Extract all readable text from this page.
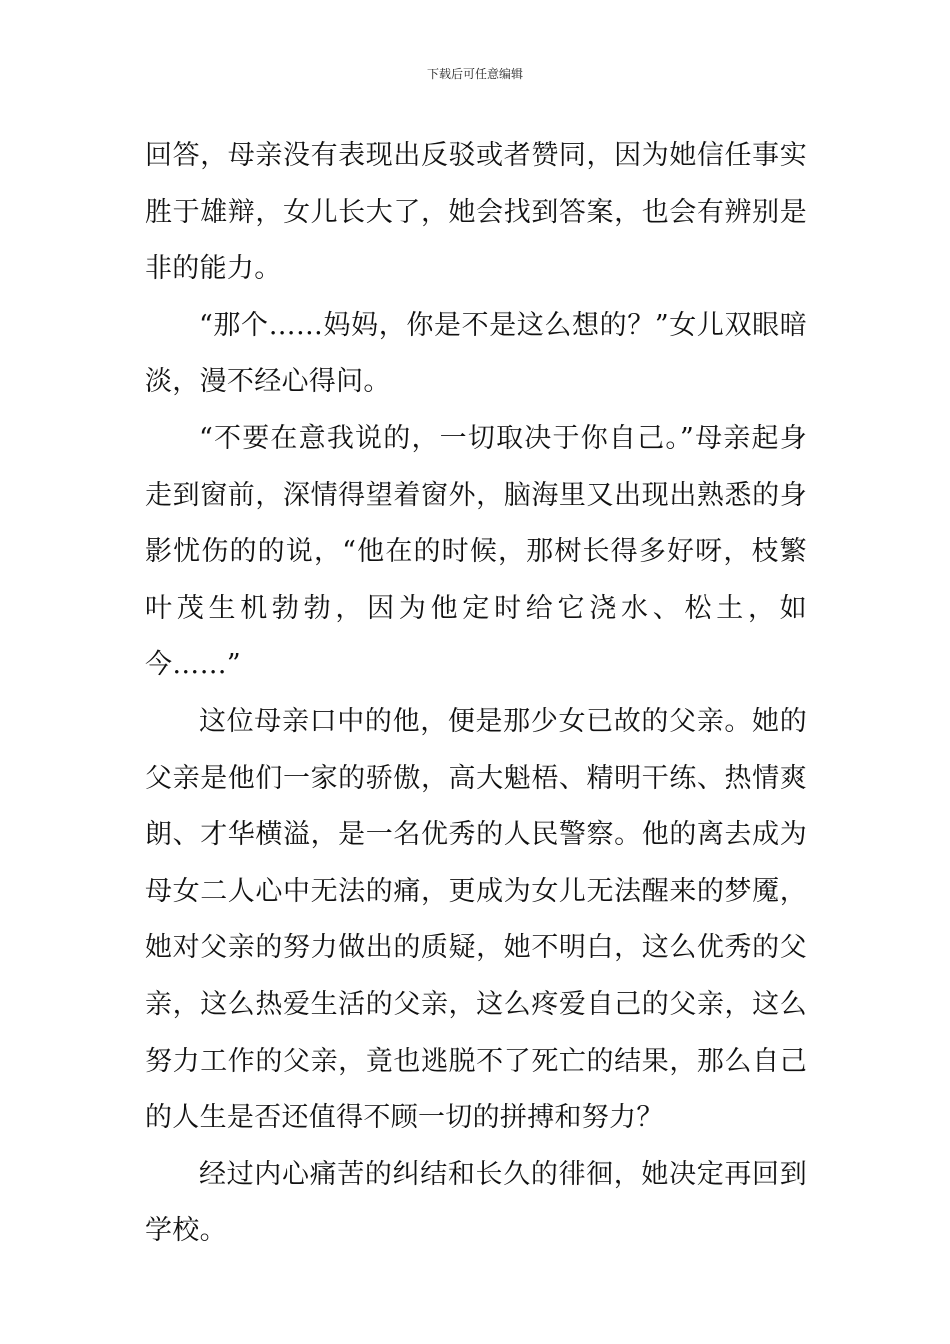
下载后可任意编辑

回答，母亲没有表现出反驳或者赞同，因为她信任事实胜于雄辩，女儿长大了，她会找到答案，也会有辨别是非的能力。

“那个……妈妈，你是不是这么想的？”女儿双眼暗淡，漫不经心得问。

“不要在意我说的，一切取决于你自己。”母亲起身走到窗前，深情得望着窗外，脑海里又出现出熟悉的身影忧伤的的说，“他在的时候，那树长得多好呀，枝繁叶茂生机勃勃，因为他定时给它浇水、松土，如今……”

这位母亲口中的他，便是那少女已故的父亲。她的父亲是他们一家的骄傲，高大魁梧、精明干练、热情爽朗、才华横溢，是一名优秀的人民警察。他的离去成为母女二人心中无法的痛，更成为女儿无法醒来的梦魇，她对父亲的努力做出的质疑，她不明白，这么优秀的父亲，这么热爱生活的父亲，这么疼爱自己的父亲，这么努力工作的父亲，竟也逃脱不了死亡的结果，那么自己的人生是否还值得不顾一切的拼搏和努力？

经过内心痛苦的纠结和长久的徘徊，她决定再回到学校。
